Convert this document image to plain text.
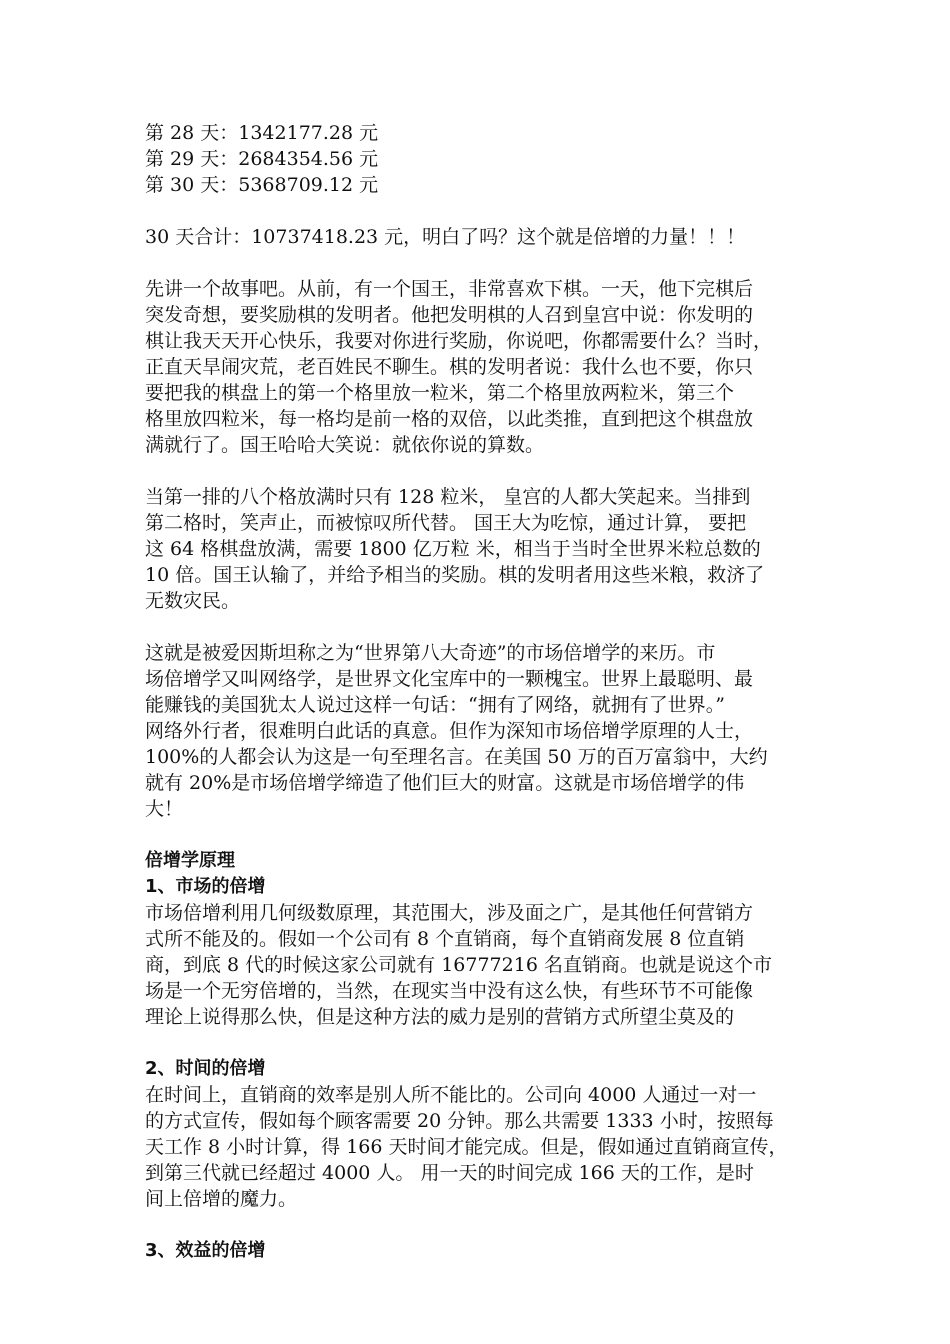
第 28 天：1342177.28 元

第 29 天：2684354.56 元

第 30 天：5368709.12 元

30 天合计：10737418.23 元，明白了吗？这个就是倍增的力量！！！

先讲一个故事吧。从前，有一个国王，非常喜欢下棋。一天，他下完棋后

突发奇想，要奖励棋的发明者。他把发明棋的人召到皇宫中说：你发明的

棋让我天天开心快乐，我要对你进行奖励，你说吧，你都需要什么？当时，

正直天旱闹灾荒，老百姓民不聊生。棋的发明者说：我什么也不要，你只

要把我的棋盘上的第一个格里放一粒米，第二个格里放两粒米，第三个

格里放四粒米，每一格均是前一格的双倍，以此类推，直到把这个棋盘放

满就行了。国王哈哈大笑说：就依你说的算数。

当第一排的八个格放满时只有 128 粒米， 皇宫的人都大笑起来。当排到

第二格时，笑声止，而被惊叹所代替。 国王大为吃惊，通过计算， 要把

这 64 格棋盘放满，需要 1800 亿万粒 米，相当于当时全世界米粒总数的

10 倍。国王认输了，并给予相当的奖励。棋的发明者用这些米粮，救济了

无数灾民。

这就是被爱因斯坦称之为“世界第八大奇迹”的市场倍增学的来历。市

场倍增学又叫网络学，是世界文化宝库中的一颗槐宝。世界上最聪明、最

能赚钱的美国犹太人说过这样一句话：“拥有了网络，就拥有了世界。”

网络外行者，很难明白此话的真意。但作为深知市场倍增学原理的人士，

100%的人都会认为这是一句至理名言。在美国 50 万的百万富翁中，大约

就有 20%是市场倍增学缔造了他们巨大的财富。这就是市场倍增学的伟

大！

倍增学原理

1、市场的倍增

市场倍增利用几何级数原理，其范围大，涉及面之广，是其他任何营销方

式所不能及的。假如一个公司有 8 个直销商，每个直销商发展 8 位直销

商，到底 8 代的时候这家公司就有 16777216 名直销商。也就是说这个市

场是一个无穷倍增的，当然，在现实当中没有这么快，有些环节不可能像

理论上说得那么快，但是这种方法的威力是别的营销方式所望尘莫及的

2、时间的倍增

在时间上，直销商的效率是别人所不能比的。公司向 4000 人通过一对一

的方式宣传，假如每个顾客需要 20 分钟。那么共需要 1333 小时，按照每

天工作 8 小时计算，得 166 天时间才能完成。但是，假如通过直销商宣传，

到第三代就已经超过 4000 人。 用一天的时间完成 166 天的工作，是时

间上倍增的魔力。

3、效益的倍增
